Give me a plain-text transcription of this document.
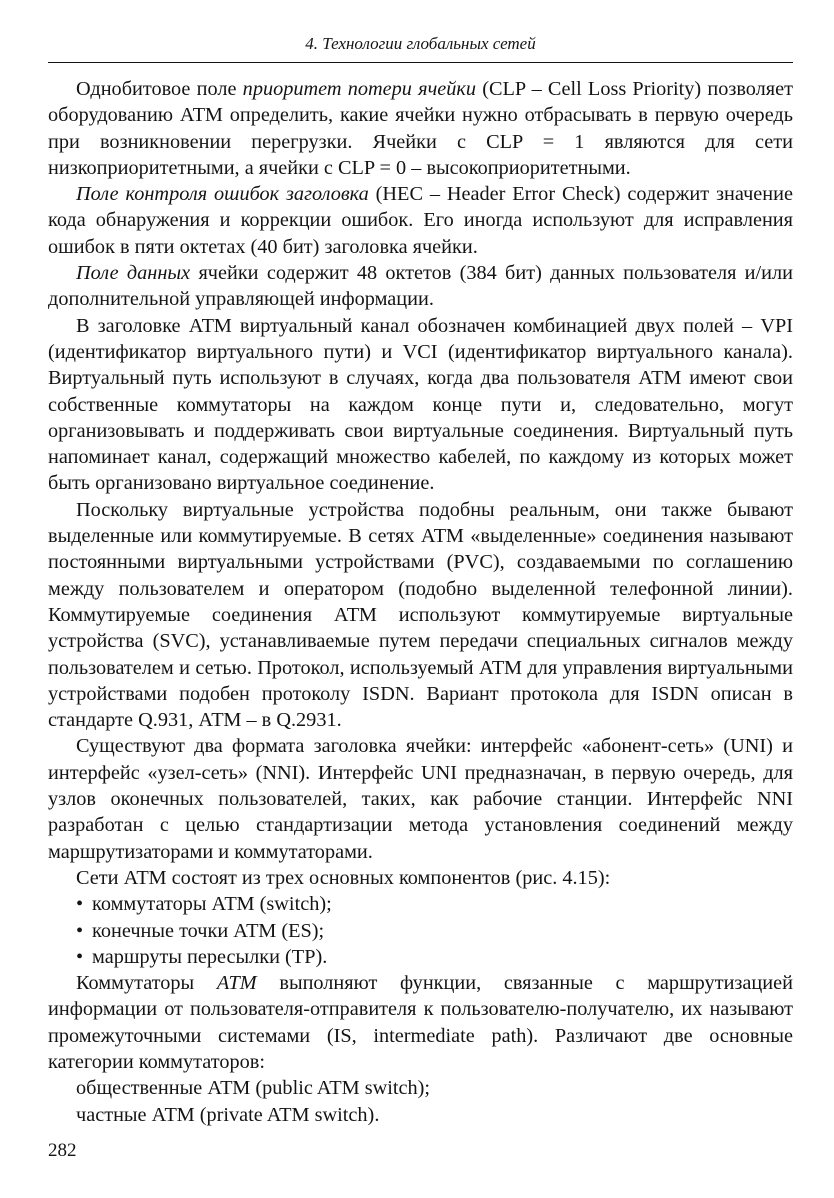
4. Технологии глобальных сетей

Однобитовое поле приоритет потери ячейки (CLP – Cell Loss Priority) позволяет оборудованию АТМ определить, какие ячейки нужно отбрасывать в первую очередь при возникновении перегрузки. Ячейки с CLP = 1 являются для сети низкоприоритетными, а ячейки с CLP = 0 – высокоприоритетными.

Поле контроля ошибок заголовка (HEC – Header Error Check) содержит значение кода обнаружения и коррекции ошибок. Его иногда используют для исправления ошибок в пяти октетах (40 бит) заголовка ячейки.

Поле данных ячейки содержит 48 октетов (384 бит) данных пользователя и/или дополнительной управляющей информации.

В заголовке АТМ виртуальный канал обозначен комбинацией двух полей – VPI (идентификатор виртуального пути) и VCI (идентификатор виртуального канала). Виртуальный путь используют в случаях, когда два пользователя АТМ имеют свои собственные коммутаторы на каждом конце пути и, следовательно, могут организовывать и поддерживать свои виртуальные соединения. Виртуальный путь напоминает канал, содержащий множество кабелей, по каждому из которых может быть организовано виртуальное соединение.

Поскольку виртуальные устройства подобны реальным, они также бывают выделенные или коммутируемые. В сетях АТМ «выделенные» соединения называют постоянными виртуальными устройствами (PVC), создаваемыми по соглашению между пользователем и оператором (подобно выделенной телефонной линии). Коммутируемые соединения АТМ используют коммутируемые виртуальные устройства (SVC), устанавливаемые путем передачи специальных сигналов между пользователем и сетью. Протокол, используемый АТМ для управления виртуальными устройствами подобен протоколу ISDN. Вариант протокола для ISDN описан в стандарте Q.931, АТМ – в Q.2931.

Существуют два формата заголовка ячейки: интерфейс «абонент-сеть» (UNI) и интерфейс «узел-сеть» (NNI). Интерфейс UNI предназначан, в первую очередь, для узлов оконечных пользователей, таких, как рабочие станции. Интерфейс NNI разработан с целью стандартизации метода установления соединений между маршрутизаторами и коммутаторами.

Сети АТМ состоят из трех основных компонентов (рис. 4.15):

• коммутаторы АТМ (switch);

• конечные точки АТМ (ES);

• маршруты пересылки (TP).

Коммутаторы АТМ выполняют функции, связанные с маршрутизацией информации от пользователя-отправителя к пользователю-получателю, их называют промежуточными системами (IS, intermediate path). Различают две основные категории коммутаторов:

общественные АТМ (public ATM switch);

частные АТМ (private ATM switch).

282
